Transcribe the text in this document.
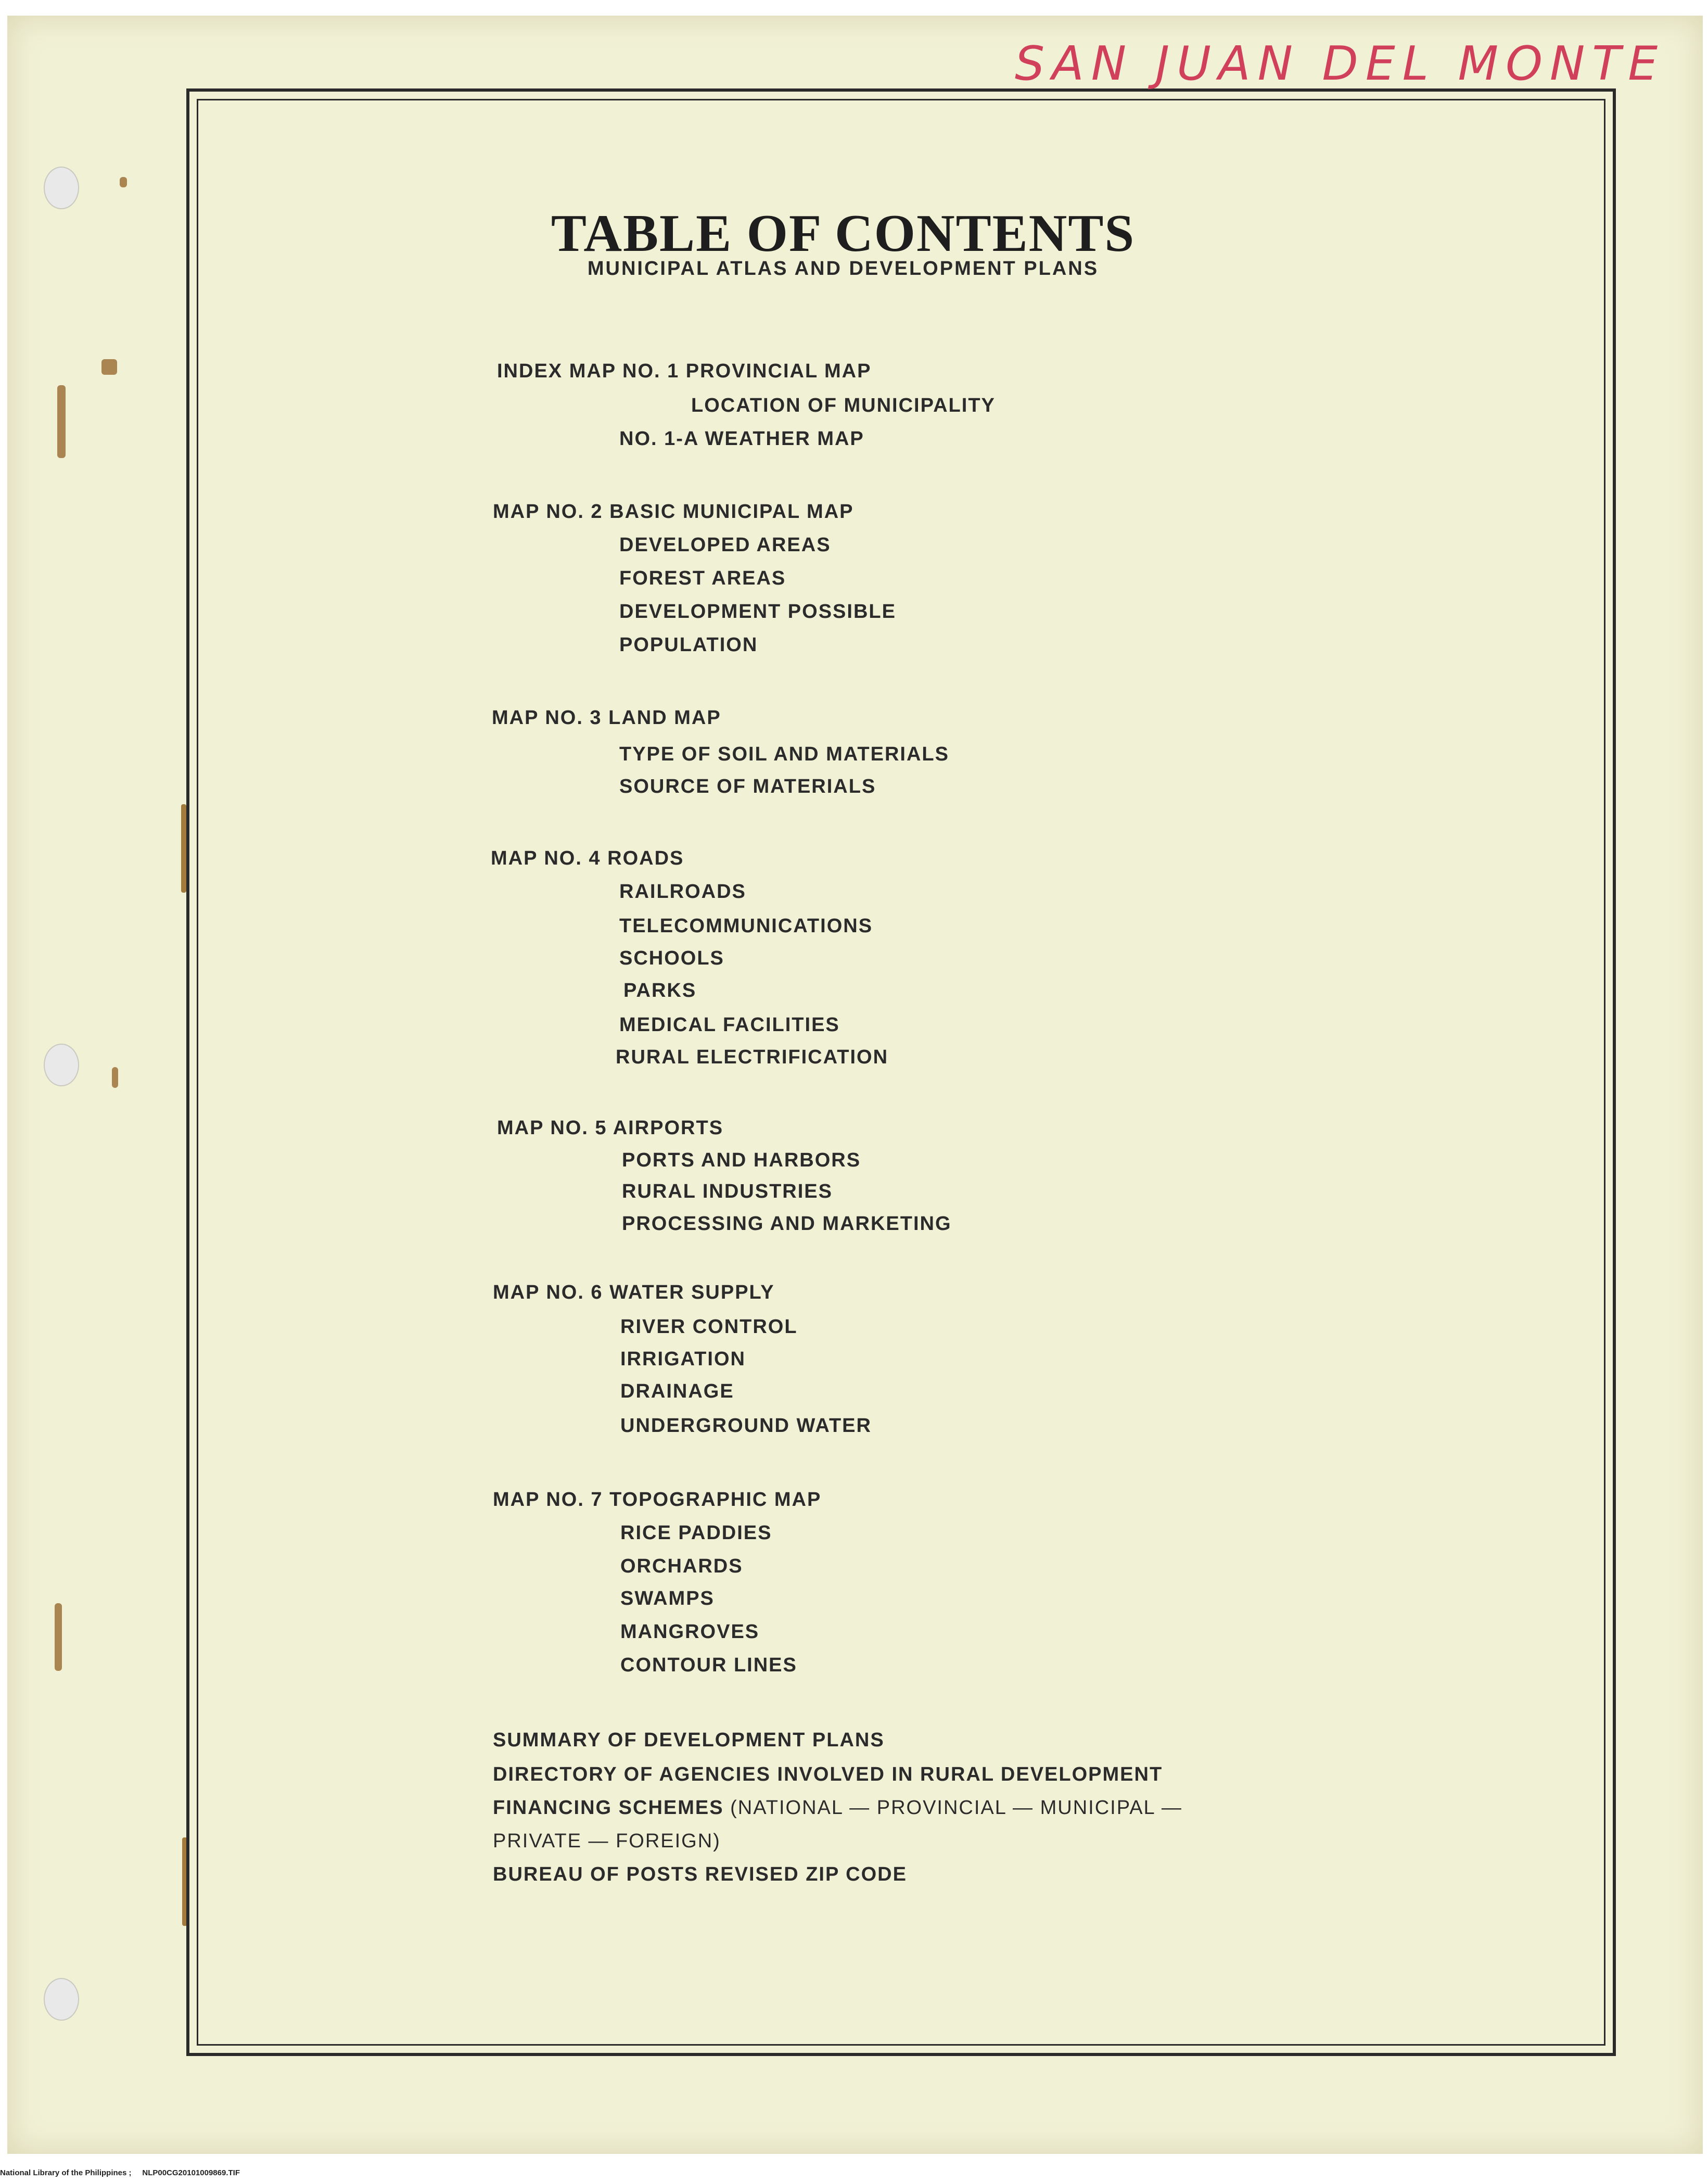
SAN JUAN DEL MONTE
TABLE OF CONTENTS
MUNICIPAL ATLAS AND DEVELOPMENT PLANS
INDEX MAP NO. 1 PROVINCIAL MAP
LOCATION OF MUNICIPALITY
NO. 1-A WEATHER MAP
MAP NO. 2 BASIC MUNICIPAL MAP
DEVELOPED AREAS
FOREST AREAS
DEVELOPMENT POSSIBLE
POPULATION
MAP NO. 3 LAND MAP
TYPE OF SOIL AND MATERIALS
SOURCE OF MATERIALS
MAP NO. 4 ROADS
RAILROADS
TELECOMMUNICATIONS
SCHOOLS
PARKS
MEDICAL FACILITIES
RURAL ELECTRIFICATION
MAP NO. 5 AIRPORTS
PORTS AND HARBORS
RURAL INDUSTRIES
PROCESSING AND MARKETING
MAP NO. 6 WATER SUPPLY
RIVER CONTROL
IRRIGATION
DRAINAGE
UNDERGROUND WATER
MAP NO. 7 TOPOGRAPHIC MAP
RICE PADDIES
ORCHARDS
SWAMPS
MANGROVES
CONTOUR LINES
SUMMARY OF DEVELOPMENT PLANS
DIRECTORY OF AGENCIES INVOLVED IN RURAL DEVELOPMENT
FINANCING SCHEMES (NATIONAL — PROVINCIAL — MUNICIPAL —
PRIVATE — FOREIGN)
BUREAU OF POSTS REVISED ZIP CODE
National Library of the Philippines ; NLP00CG20101009869.TIF
